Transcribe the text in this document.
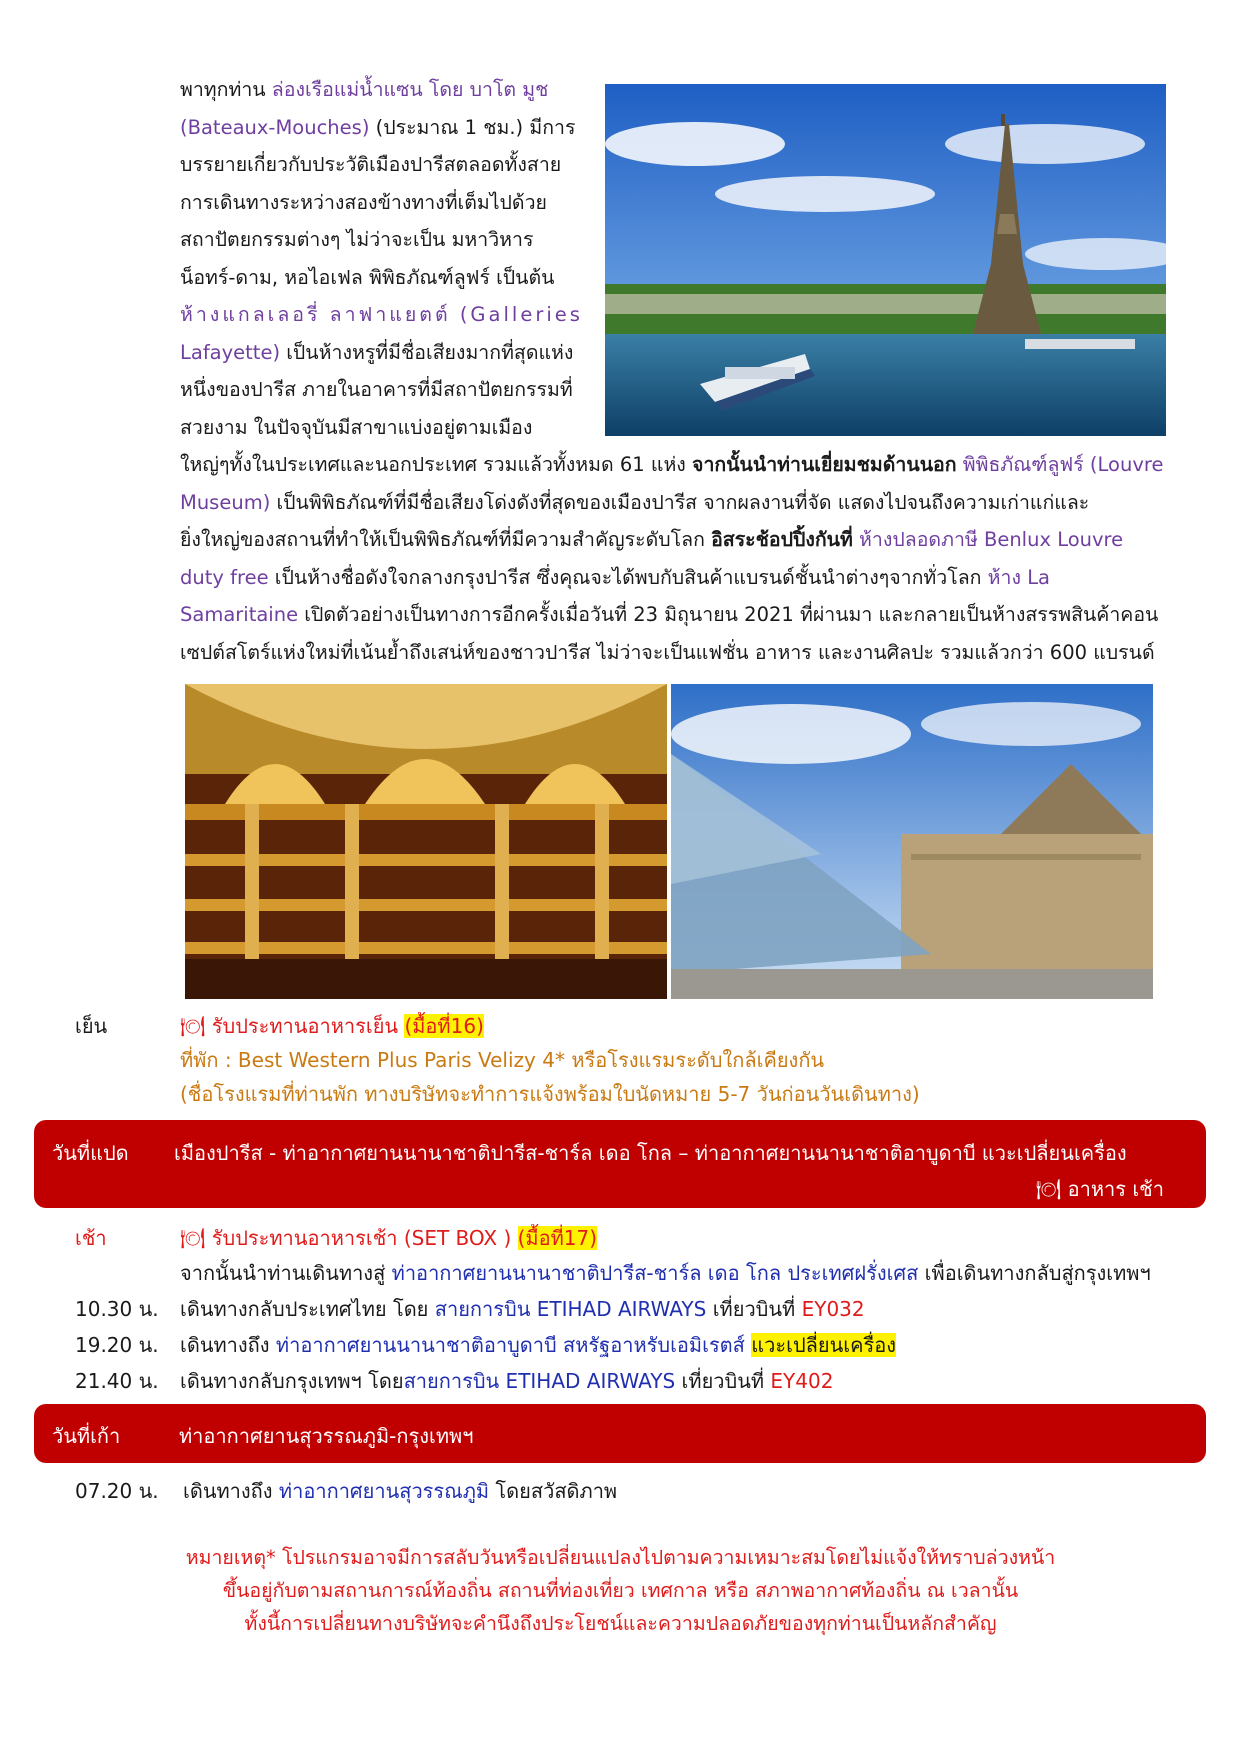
พาทุกท่าน ล่องเรือแม่น้ำแซน โดย บาโต มูช
(Bateaux-Mouches) (ประมาณ 1 ชม.) มีการ
บรรยายเกี่ยวกับประวัติเมืองปารีสตลอดทั้งสาย
การเดินทางระหว่างสองข้างทางที่เต็มไปด้วย
สถาปัตยกรรมต่างๆ ไม่ว่าจะเป็น มหาวิหาร
น็อทร์-ดาม, หอไอเฟล พิพิธภัณฑ์ลูฟร์ เป็นต้น
ห้างแกลเลอรี่ ลาฟาแยตต์ (Galleries
Lafayette) เป็นห้างหรูที่มีชื่อเสียงมากที่สุดแห่ง
หนึ่งของปารีส ภายในอาคารที่มีสถาปัตยกรรมที่
สวยงาม ในปัจจุบันมีสาขาแบ่งอยู่ตามเมือง
ใหญ่ๆทั้งในประเทศและนอกประเทศ รวมแล้วทั้งหมด 61 แห่ง จากนั้นนำท่านเยี่ยมชมด้านนอก พิพิธภัณฑ์ลูฟร์ (Louvre
Museum) เป็นพิพิธภัณฑ์ที่มีชื่อเสียงโด่งดังที่สุดของเมืองปารีส จากผลงานที่จัด แสดงไปจนถึงความเก่าแก่และ
ยิ่งใหญ่ของสถานที่ทำให้เป็นพิพิธภัณฑ์ที่มีความสำคัญระดับโลก อิสระช้อปปิ้งกันที่ ห้างปลอดภาษี Benlux Louvre
duty free เป็นห้างชื่อดังใจกลางกรุงปารีส ซึ่งคุณจะได้พบกับสินค้าแบรนด์ชั้นนำต่างๆจากทั่วโลก ห้าง La
Samaritaine เปิดตัวอย่างเป็นทางการอีกครั้งเมื่อวันที่ 23 มิถุนายน 2021 ที่ผ่านมา และกลายเป็นห้างสรรพสินค้าคอน
เซปต์สโตร์แห่งใหม่ที่เน้นย้ำถึงเสน่ห์ของชาวปารีส ไม่ว่าจะเป็นแฟชั่น อาหาร และงานศิลปะ รวมแล้วกว่า 600 แบรนด์
เย็น	🍽 รับประทานอาหารเย็น (มื้อที่16)
ที่พัก : Best Western Plus Paris Velizy 4* หรือโรงแรมระดับใกล้เคียงกัน
(ชื่อโรงแรมที่ท่านพัก ทางบริษัทจะทำการแจ้งพร้อมใบนัดหมาย 5-7 วันก่อนวันเดินทาง)
วันที่แปด เมืองปารีส - ท่าอากาศยานนานาชาติปารีส-ชาร์ล เดอ โกล – ท่าอากาศยานนานาชาติอาบูดาบี แวะเปลี่ยนเครื่อง
🍽 อาหาร เช้า
เช้า	🍽 รับประทานอาหารเช้า (SET BOX ) (มื้อที่17)
จากนั้นนำท่านเดินทางสู่ ท่าอากาศยานนานาชาติปารีส-ชาร์ล เดอ โกล ประเทศฝรั่งเศส เพื่อเดินทางกลับสู่กรุงเทพฯ
10.30 น. เดินทางกลับประเทศไทย โดย สายการบิน ETIHAD AIRWAYS เที่ยวบินที่ EY032
19.20 น. เดินทางถึง ท่าอากาศยานนานาชาติอาบูดาบี สหรัฐอาหรับเอมิเรตส์ แวะเปลี่ยนเครื่อง
21.40 น. เดินทางกลับกรุงเทพฯ โดยสายการบิน ETIHAD AIRWAYS เที่ยวบินที่ EY402
วันที่เก้า	ท่าอากาศยานสุวรรณภูมิ-กรุงเทพฯ
07.20 น. เดินทางถึง ท่าอากาศยานสุวรรณภูมิ โดยสวัสดิภาพ
หมายเหตุ* โปรแกรมอาจมีการสลับวันหรือเปลี่ยนแปลงไปตามความเหมาะสมโดยไม่แจ้งให้ทราบล่วงหน้า
ขึ้นอยู่กับตามสถานการณ์ท้องถิ่น สถานที่ท่องเที่ยว เทศกาล หรือ สภาพอากาศท้องถิ่น ณ เวลานั้น
ทั้งนี้การเปลี่ยนทางบริษัทจะคำนึงถึงประโยชน์และความปลอดภัยของทุกท่านเป็นหลักสำคัญ
